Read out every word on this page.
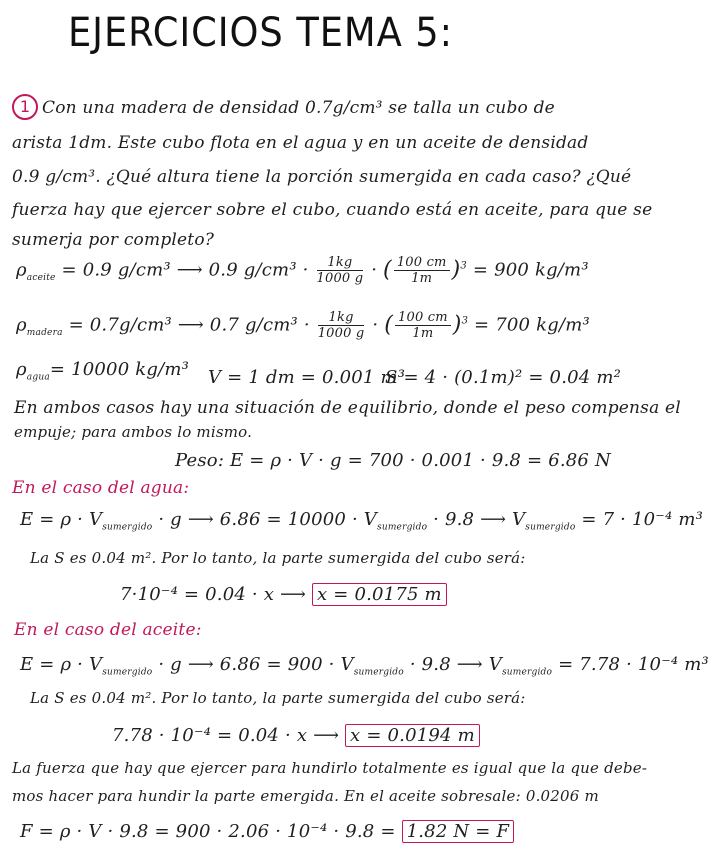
EJERCICIOS TEMA 5:
1 Con una madera de densidad 0.7g/cm³ se talla un cubo de
arista 1dm. Este cubo flota en el agua y en un aceite de densidad
0.9 g/cm³. ¿Qué altura tiene la porción sumergida en cada caso? ¿Qué
fuerza hay que ejercer sobre el cubo, cuando está en aceite, para que se
sumerja por completo?
$\rho_{aceite} = 0.9$ g/cm³ ⟶ 0.9 $g/cm^3 \cdot \frac{1kg}{1000 g}$ · ( $\frac{100 cm}{1m} )^3 = 900$ kg/m³
$\rho_{madera} = 0.7g/cm^3$ ⟶ 0.7 $g/cm^3 \cdot \frac{1kg}{1000 g}$ · ( $\frac{100 cm}{1m} )^3 = 700$ kg/m³
$\rho_{agua}= 10000$ kg/m³ V = 1 dm = 0.001 m³
S = 4 · (0.1m)² = 0.04 m²
En ambos casos hay una situación de equilibrio, donde el peso compensa el
empuje; para ambos lo mismo.
Peso: E = ρ · V · g = 700 · 0.001 · 9.8 = 6.86 N
En el caso del agua:
$E = \rho \cdot V_{sumergido} \cdot g$ ⟶ $6.86 = 10000 \cdot V_{sumergido} \cdot 9.8$ ⟶ $V_{sumergido} = 7 \cdot 10^{-4}$ m³
La S es 0.04 m². Por lo tanto, la parte sumergida del cubo será:
7·10⁻⁴ = 0.04 · x ⟶ x = 0.0175 m
En el caso del aceite:
$E = \rho \cdot V_{sumergido} \cdot g$ ⟶ $6.86 = 900 \cdot V_{sumergido} \cdot 9.8$ ⟶ $V_{sumergido} = 7.78 \cdot 10^{-4}$ m³
La S es 0.04 m². Por lo tanto, la parte sumergida del cubo será:
7.78 · 10⁻⁴ = 0.04 · x ⟶ x = 0.0194 m
La fuerza que hay que ejercer para hundirlo totalmente es igual que la que debe-
mos hacer para hundir la parte emergida. En el aceite sobresale: 0.0206 m
F = ρ · V · 9.8 = 900 · 2.06 · 10⁻⁴ · 9.8 = 1.82 N = F
